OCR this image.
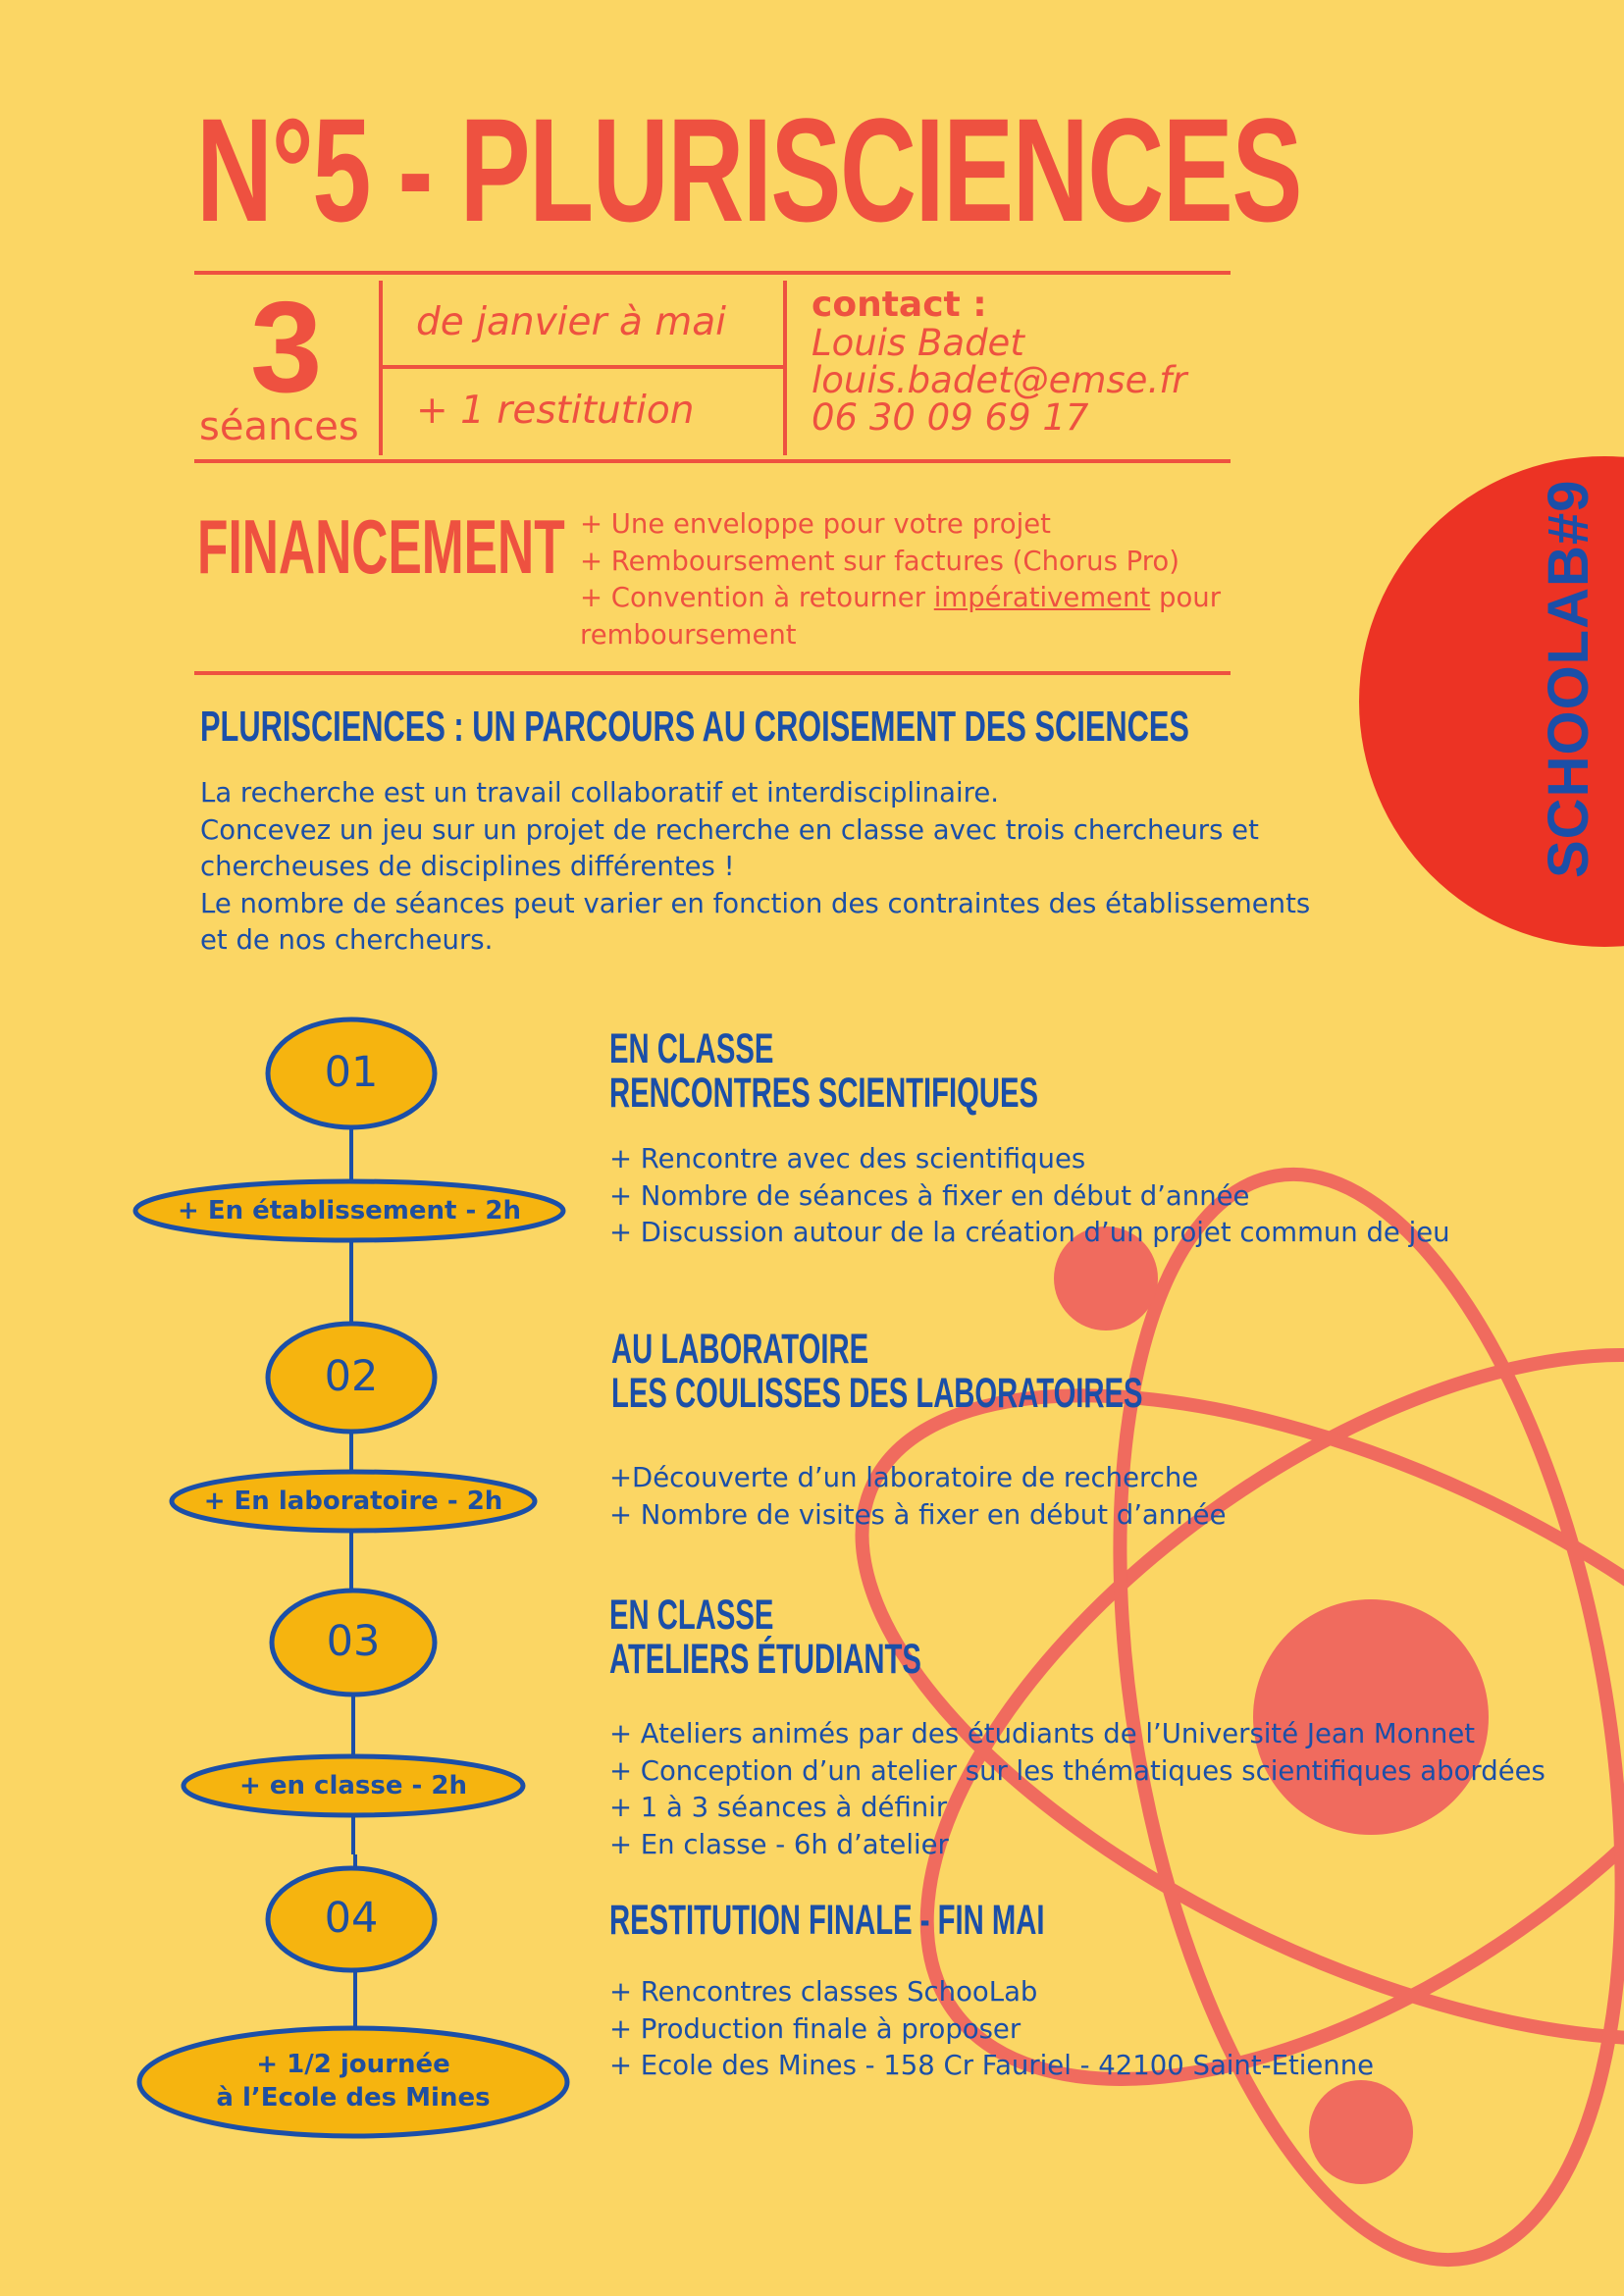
SCHOOLAB#9
N°5 - PLURISCIENCES
3
séances
de janvier à mai
+ 1 restitution
contact :
Louis Badet
louis.badet@emse.fr
06 30 09 69 17
FINANCEMENT + Une enveloppe pour votre projet
+ Remboursement sur factures (Chorus Pro)
+ Convention à retourner impérativement pour
remboursement
PLURISCIENCES : UN PARCOURS AU CROISEMENT DES SCIENCES
La recherche est un travail collaboratif et interdisciplinaire.
Concevez un jeu sur un projet de recherche en classe avec trois chercheurs et
chercheuses de disciplines différentes !
Le nombre de séances peut varier en fonction des contraintes des établissements
et de nos chercheurs.
01
+ En établissement - 2h
02
+ En laboratoire - 2h
03
+ en classe - 2h
04
+ 1/2 journée
à l’Ecole des Mines
EN CLASSE
RENCONTRES SCIENTIFIQUES
+ Rencontre avec des scientifiques
+ Nombre de séances à fixer en début d’année
+ Discussion autour de la création d’un projet commun de jeu
AU LABORATOIRE
LES COULISSES DES LABORATOIRES
+Découverte d’un laboratoire de recherche
+ Nombre de visites à fixer en début d’année
EN CLASSE
ATELIERS ÉTUDIANTS
+ Ateliers animés par des étudiants de l’Université Jean Monnet
+ Conception d’un atelier sur les thématiques scientifiques abordées
+ 1 à 3 séances à définir
+ En classe - 6h d’atelier
RESTITUTION FINALE - FIN MAI
+ Rencontres classes SchooLab
+ Production finale à proposer
+ Ecole des Mines - 158 Cr Fauriel - 42100 Saint-Etienne
